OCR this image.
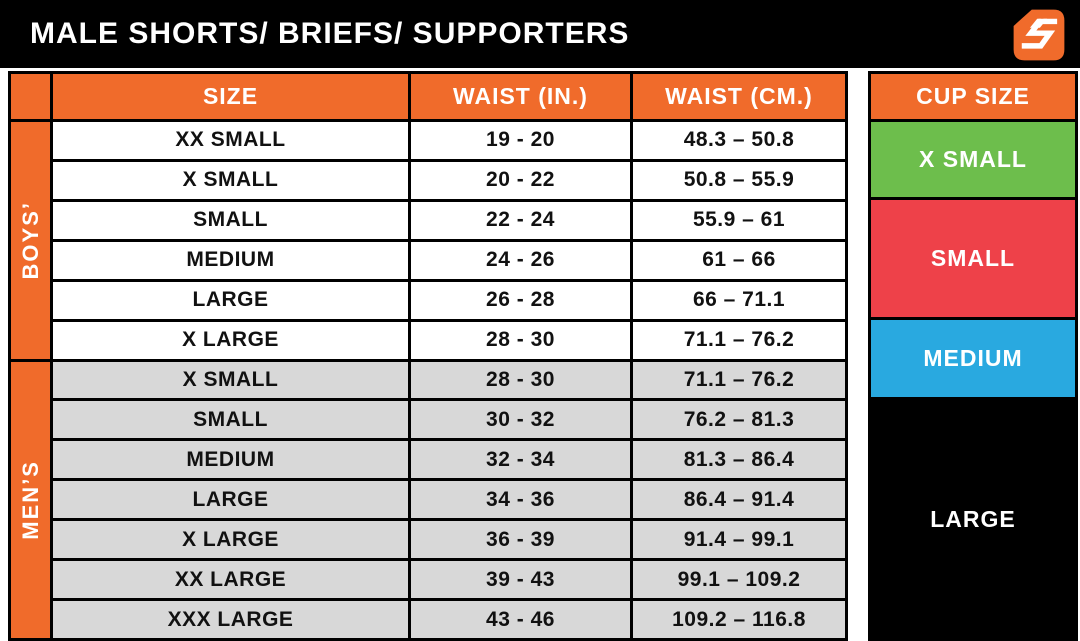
MALE SHORTS/ BRIEFS/ SUPPORTERS
SIZE	WAIST (IN.)	WAIST (CM.)
BOYS’
XX SMALL	19 - 20	48.3 – 50.8
X SMALL	20 - 22	50.8 – 55.9
SMALL	22 - 24	55.9 – 61
MEDIUM	24 - 26	61 – 66
LARGE	26 - 28	66 – 71.1
X LARGE	28 - 30	71.1 – 76.2
MEN’S
X SMALL	28 - 30	71.1 – 76.2
SMALL	30 - 32	76.2 – 81.3
MEDIUM	32 - 34	81.3 – 86.4
LARGE	34 - 36	86.4 – 91.4
X LARGE	36 - 39	91.4 – 99.1
XX LARGE	39 - 43	99.1 – 109.2
XXX LARGE	43 - 46	109.2 – 116.8
CUP SIZE
X SMALL
SMALL
MEDIUM
LARGE
